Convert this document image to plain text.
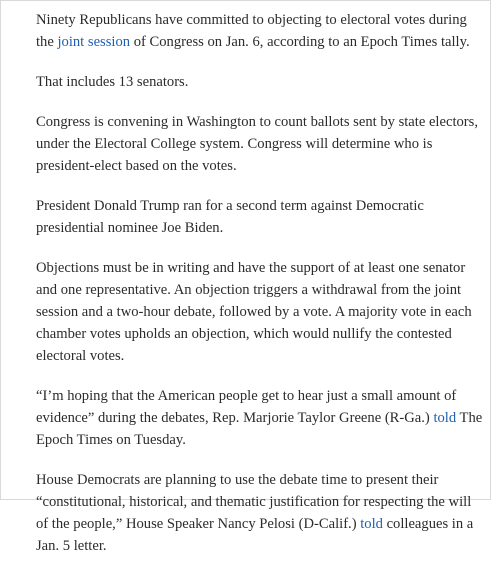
Ninety Republicans have committed to objecting to electoral votes during the joint session of Congress on Jan. 6, according to an Epoch Times tally.

That includes 13 senators.

Congress is convening in Washington to count ballots sent by state electors, under the Electoral College system. Congress will determine who is president-elect based on the votes.

President Donald Trump ran for a second term against Democratic presidential nominee Joe Biden.

Objections must be in writing and have the support of at least one senator and one representative. An objection triggers a withdrawal from the joint session and a two-hour debate, followed by a vote. A majority vote in each chamber votes upholds an objection, which would nullify the contested electoral votes.

“I’m hoping that the American people get to hear just a small amount of evidence” during the debates, Rep. Marjorie Taylor Greene (R-Ga.) told The Epoch Times on Tuesday.

House Democrats are planning to use the debate time to present their “constitutional, historical, and thematic justification for respecting the will of the people,” House Speaker Nancy Pelosi (D-Calif.) told colleagues in a Jan. 5 letter.
